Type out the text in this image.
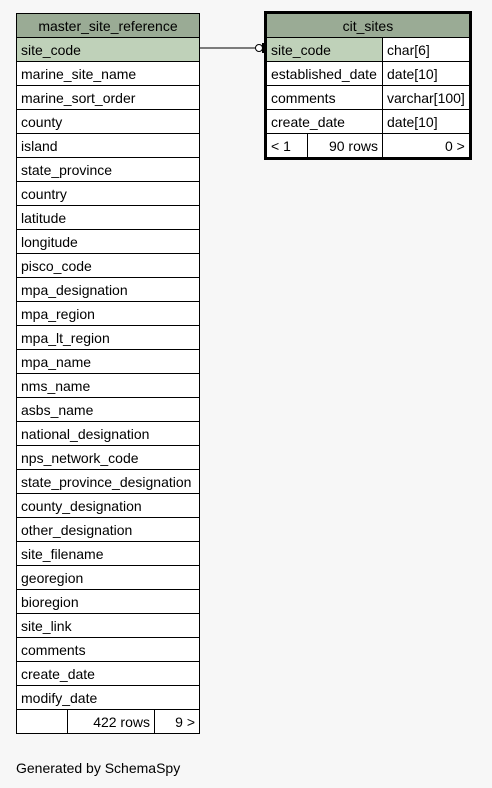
master_site_reference
site_code
marine_site_name
marine_sort_order
county
island
state_province
country
latitude
longitude
pisco_code
mpa_designation
mpa_region
mpa_lt_region
mpa_name
nms_name
asbs_name
national_designation
nps_network_code
state_province_designation
county_designation
other_designation
site_filename
georegion
bioregion
site_link
comments
create_date
modify_date
	422 rows	9 >
cit_sites		
site_code		char[6]
established_date		date[10]
comments		varchar[100]
create_date		date[10]
< 1	90 rows	0 >
Generated by SchemaSpy
